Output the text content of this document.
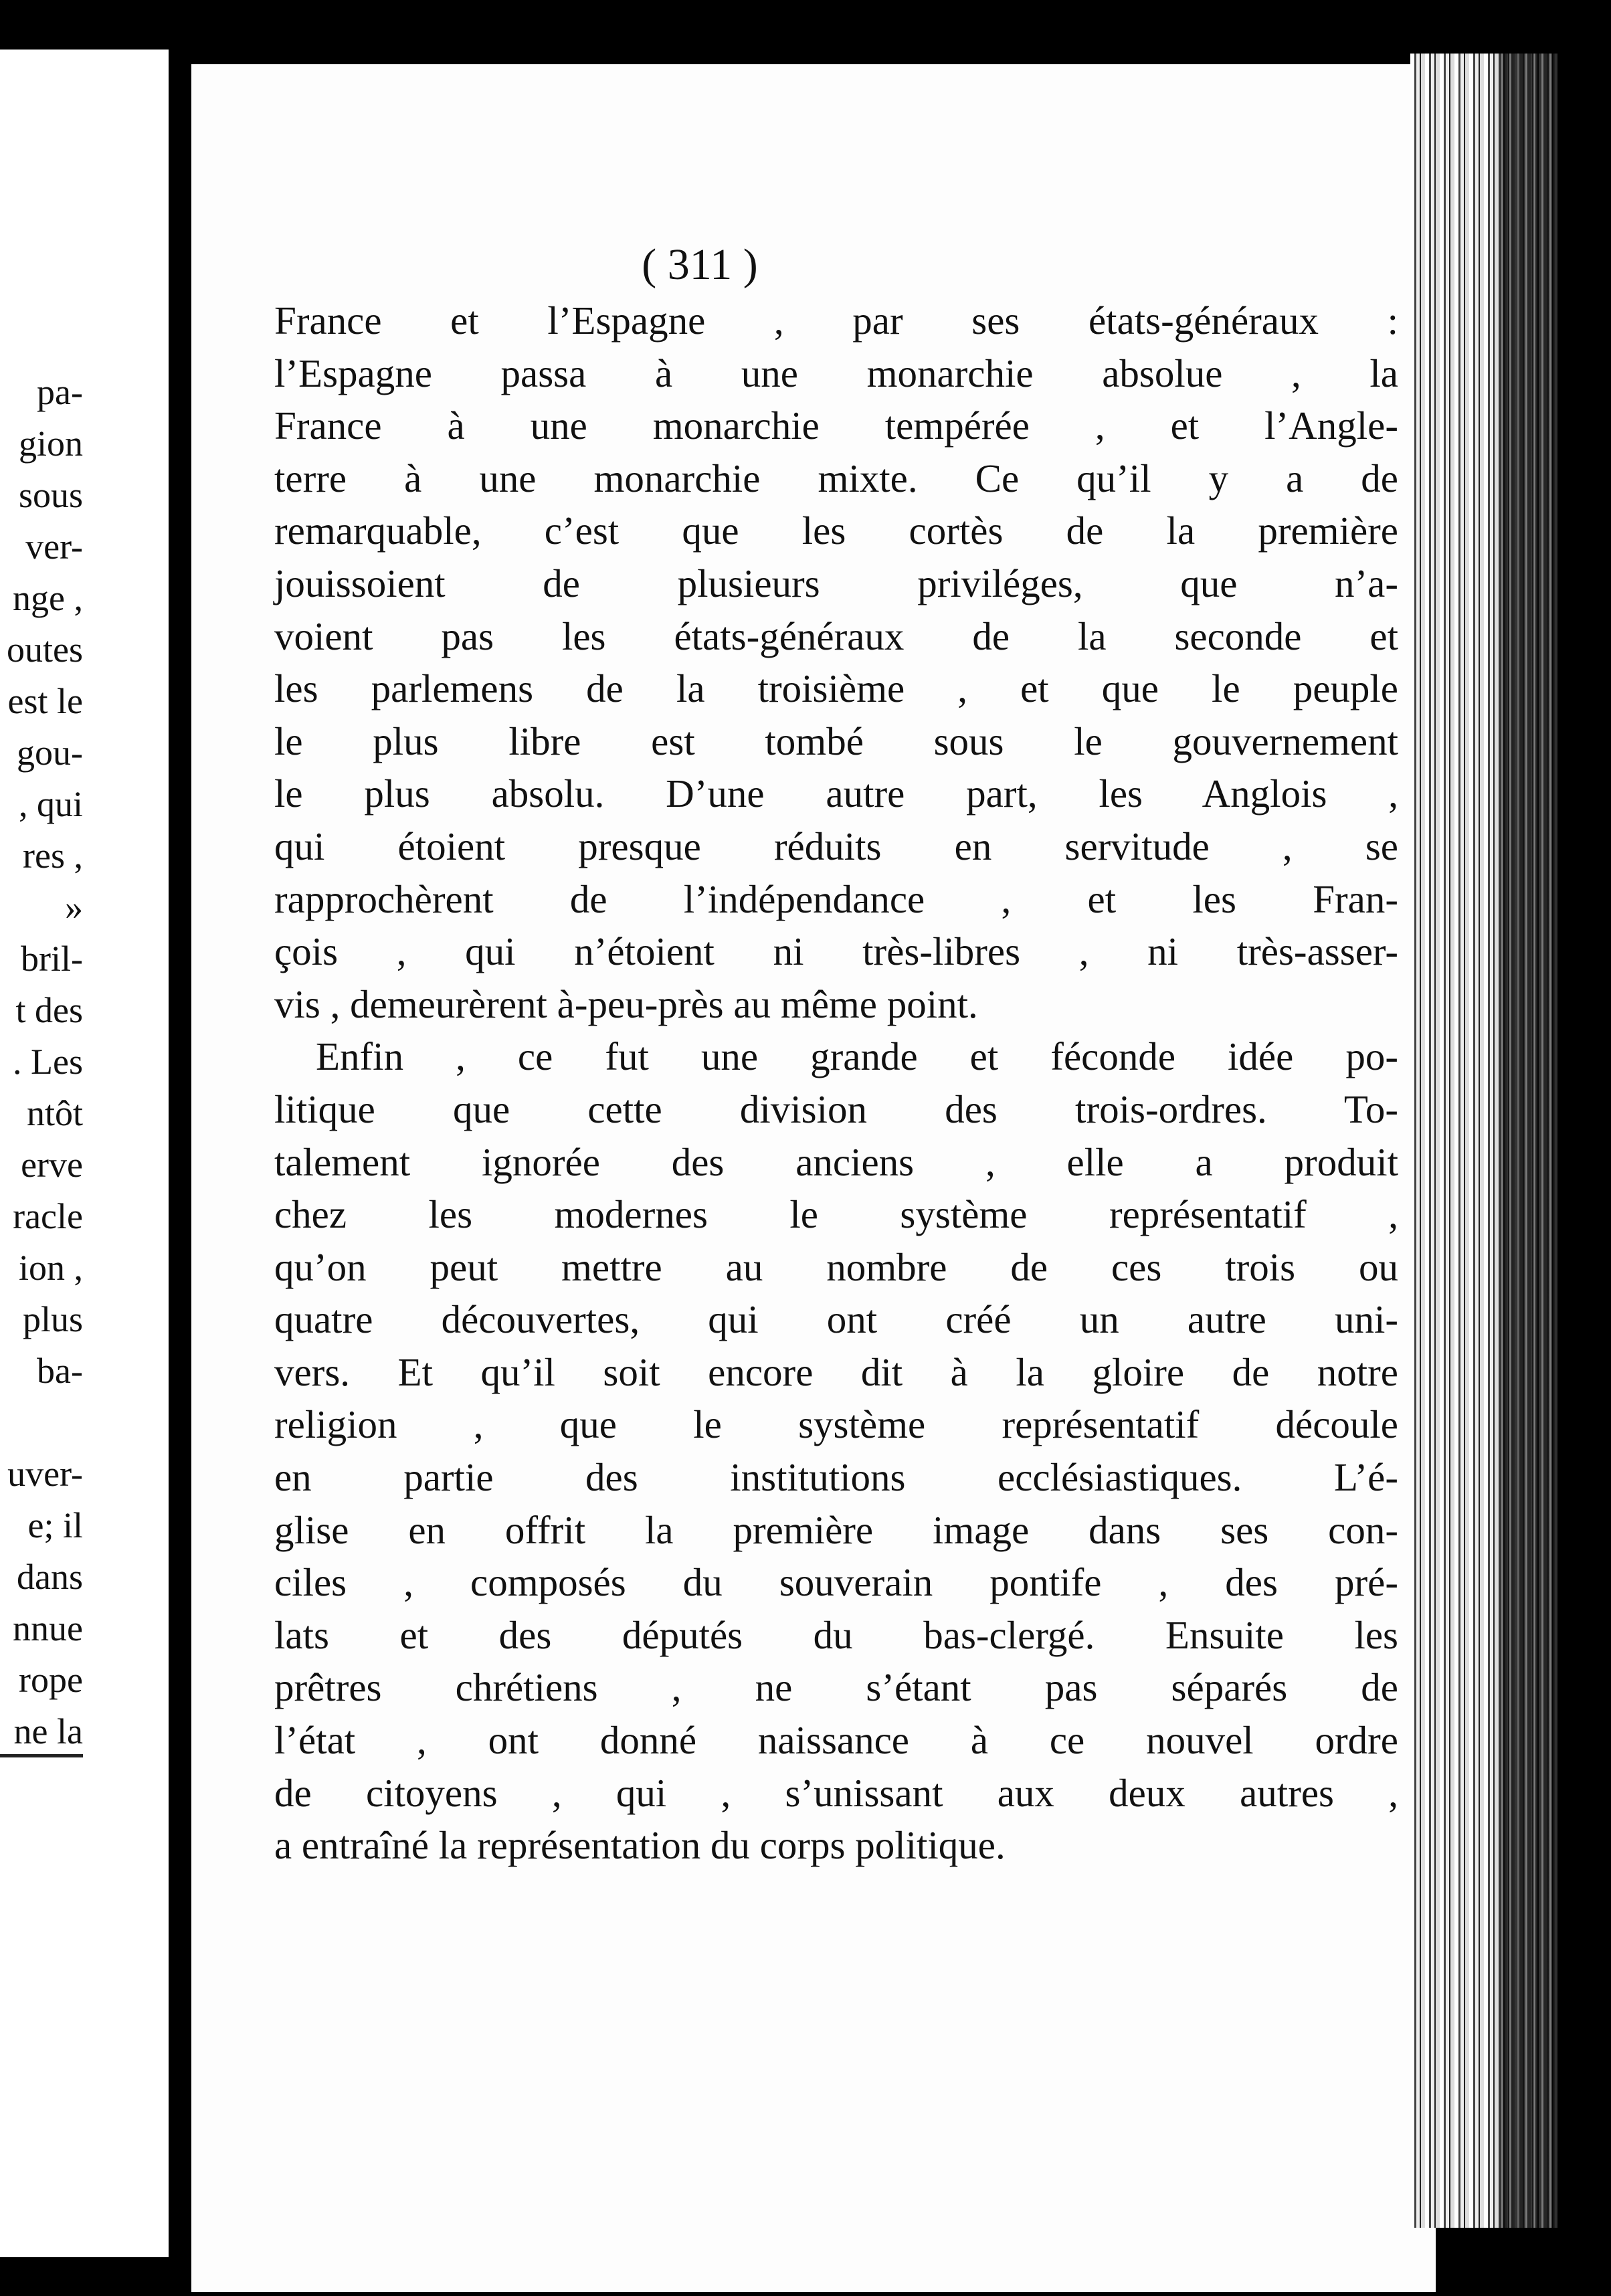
pa-
gion
sous
ver-
nge ,
outes
est le
gou-
, qui
res ,
»
bril-
t des
. Les
ntôt
erve
racle
ion ,
plus
ba-
uver-
e; il
dans
nnue
rope
ne la
( 311 )
France et l’Espagne , par ses états-généraux :
l’Espagne passa à une monarchie absolue , la
France à une monarchie tempérée , et l’Angle-
terre à une monarchie mixte. Ce qu’il y a de
remarquable, c’est que les cortès de la première
jouissoient de plusieurs priviléges, que n’a-
voient pas les états-généraux de la seconde et
les parlemens de la troisième , et que le peuple
le plus libre est tombé sous le gouvernement
le plus absolu. D’une autre part, les Anglois ,
qui étoient presque réduits en servitude , se
rapprochèrent de l’indépendance , et les Fran-
çois , qui n’étoient ni très-libres , ni très-asser-
vis , demeurèrent à-peu-près au même point.
Enfin , ce fut une grande et féconde idée po-
litique que cette division des trois-ordres. To-
talement ignorée des anciens , elle a produit
chez les modernes le système représentatif ,
qu’on peut mettre au nombre de ces trois ou
quatre découvertes, qui ont créé un autre uni-
vers. Et qu’il soit encore dit à la gloire de notre
religion , que le système représentatif découle
en partie des institutions ecclésiastiques. L’é-
glise en offrit la première image dans ses con-
ciles , composés du souverain pontife , des pré-
lats et des députés du bas-clergé. Ensuite les
prêtres chrétiens , ne s’étant pas séparés de
l’état , ont donné naissance à ce nouvel ordre
de citoyens , qui , s’unissant aux deux autres ,
a entraîné la représentation du corps politique.
